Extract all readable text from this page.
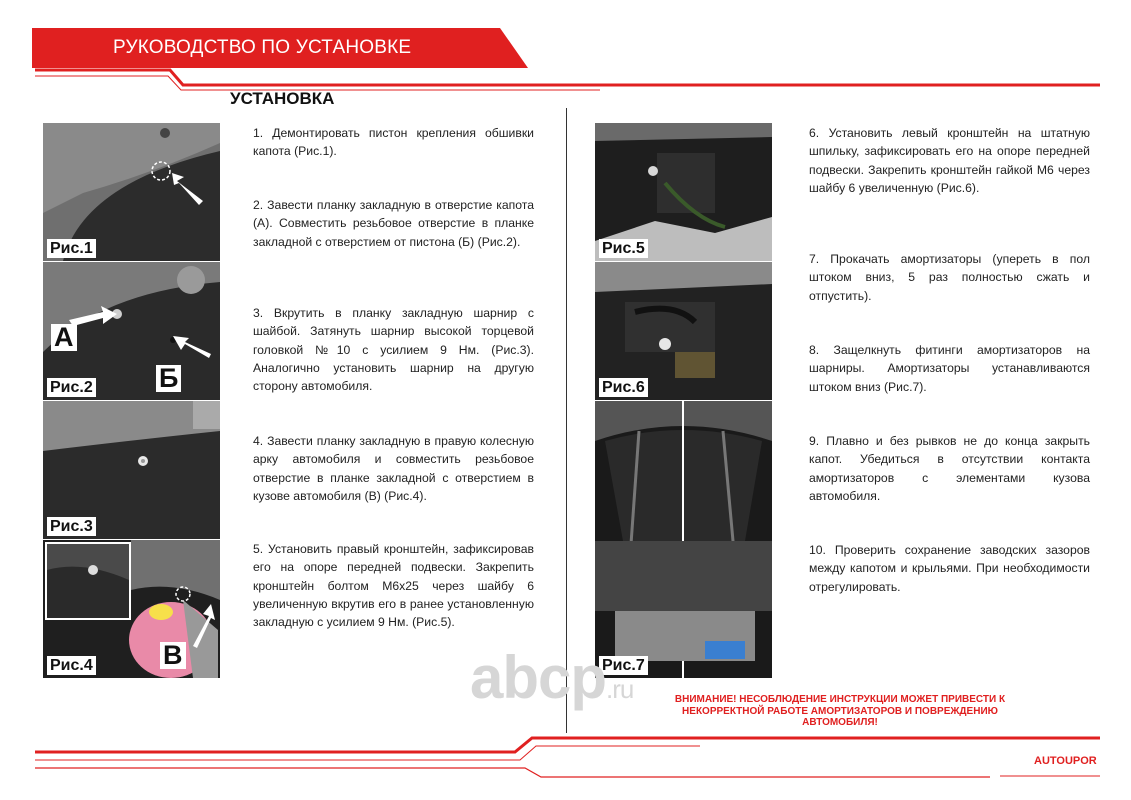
РУКОВОДСТВО ПО УСТАНОВКЕ
УСТАНОВКА
Рис.1
А
Б
Рис.2
Рис.3
В
Рис.4
Рис.5
Рис.6
Рис.7

1. Демонтировать пистон крепления обшивки капота (Рис.1).

2. Завести планку закладную в отверстие капота (А). Совместить резьбовое отверстие в планке закладной с отверстием от пистона (Б) (Рис.2).

3. Вкрутить в планку закладную шарнир с шайбой. Затянуть шарнир высокой торцевой головкой №10 с усилием 9 Нм. (Рис.3). Аналогично установить шарнир на другую сторону автомобиля.

4. Завести планку закладную в правую колесную арку автомобиля и совместить резьбовое отверстие в планке закладной с отверстием в кузове автомобиля (В) (Рис.4).

5. Установить правый кронштейн, зафиксировав его на опоре передней подвески. Закрепить кронштейн болтом М6х25 через шайбу 6 увеличенную вкрутив его в ранее установленную закладную с усилием 9 Нм. (Рис.5).

6. Установить левый кронштейн на штатную шпильку, зафиксировать его на опоре передней подвески. Закрепить кронштейн гайкой М6 через шайбу 6 увеличенную (Рис.6).

7. Прокачать амортизаторы (упереть в пол штоком вниз, 5 раз полностью сжать и отпустить).

8. Защелкнуть фитинги амортизаторов на шарниры. Амортизаторы устанавливаются штоком вниз (Рис.7).

9. Плавно и без рывков не до конца закрыть капот. Убедиться в отсутствии контакта амортизаторов с элементами кузова автомобиля.

10. Проверить сохранение заводских зазоров между капотом и крыльями. При необходимости отрегулировать.

abcp.ru	ВНИМАНИЕ! НЕСОБЛЮДЕНИЕ ИНСТРУКЦИИ МОЖЕТ ПРИВЕСТИ К
НЕКОРРЕКТНОЙ РАБОТЕ АМОРТИЗАТОРОВ И ПОВРЕЖДЕНИЮ
АВТОМОБИЛЯ!
AUTOUPOR
